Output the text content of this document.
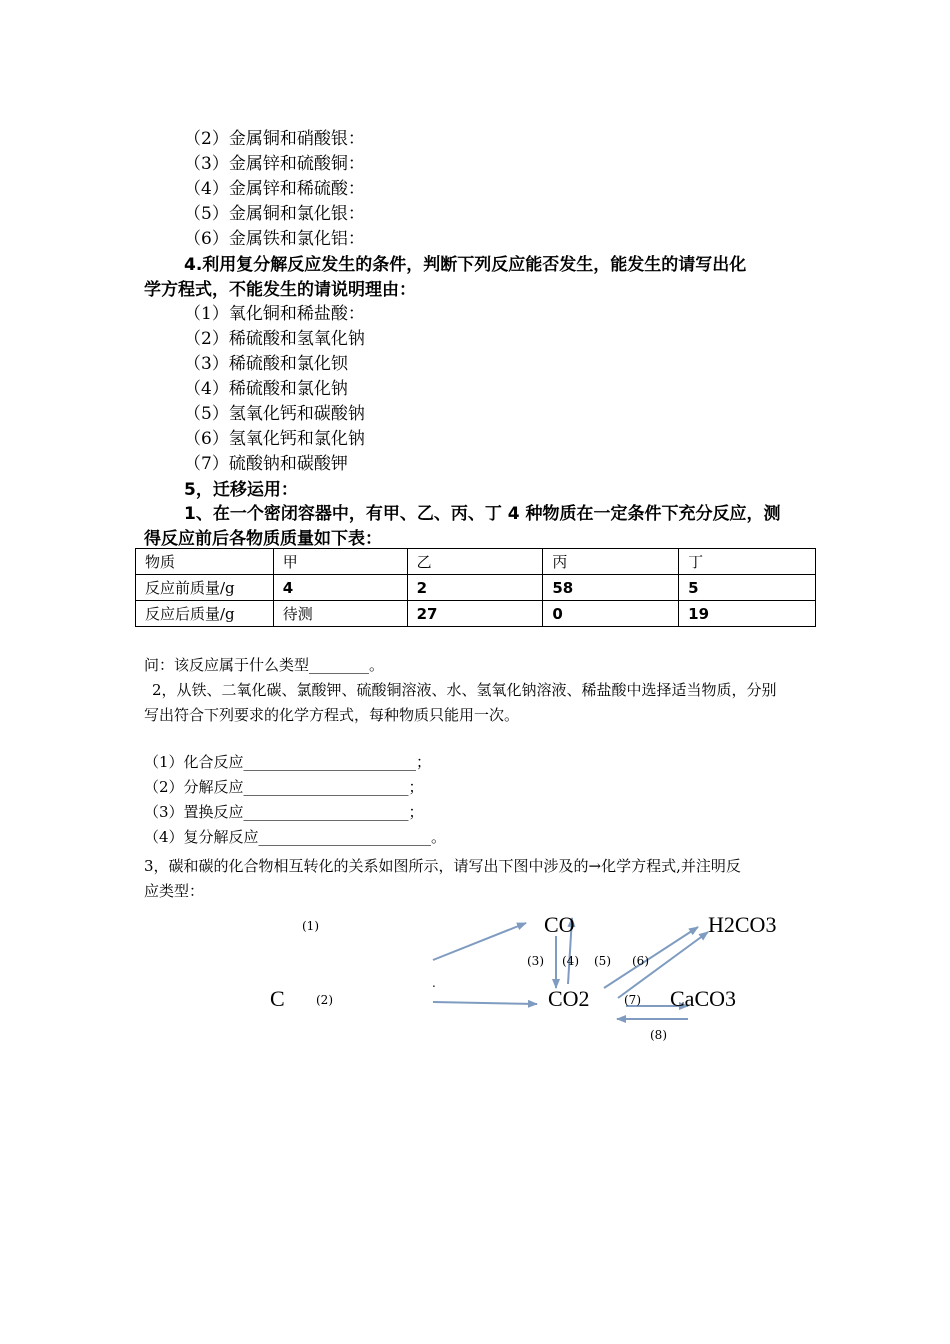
（2）金属铜和硝酸银：
（3）金属锌和硫酸铜：
（4）金属锌和稀硫酸：
（5）金属铜和氯化银：
（6）金属铁和氯化铝：
4.利用复分解反应发生的条件，判断下列反应能否发生，能发生的请写出化
学方程式，不能发生的请说明理由：
（1）氧化铜和稀盐酸：
（2）稀硫酸和氢氧化钠
（3）稀硫酸和氯化钡
（4）稀硫酸和氯化钠
（5）氢氧化钙和碳酸钠
（6）氢氧化钙和氯化钠
（7）硫酸钠和碳酸钾
5，迁移运用：
1、在一个密闭容器中，有甲、乙、丙、丁 4 种物质在一定条件下充分反应，测
得反应前后各物质质量如下表：
物质	甲	乙	丙	丁
反应前质量/g	4	2	58	5
反应后质量/g	待测	27	0	19
问：该反应属于什么类型________。
2，从铁、二氧化碳、氯酸钾、硫酸铜溶液、水、氢氧化钠溶液、稀盐酸中选择适当物质，分别
写出符合下列要求的化学方程式，每种物质只能用一次。
（1）化合反应_______________________；
（2）分解反应______________________；
（3）置换反应______________________；
（4）复分解反应_______________________。
3，碳和碳的化合物相互转化的关系如图所示，请写出下图中涉及的→化学方程式,并注明反
应类型：
C
CO
CO2
H2CO3
CaCO3
(1)
(2)
(3) (4) (5) (6)
(7)
(8)
.
